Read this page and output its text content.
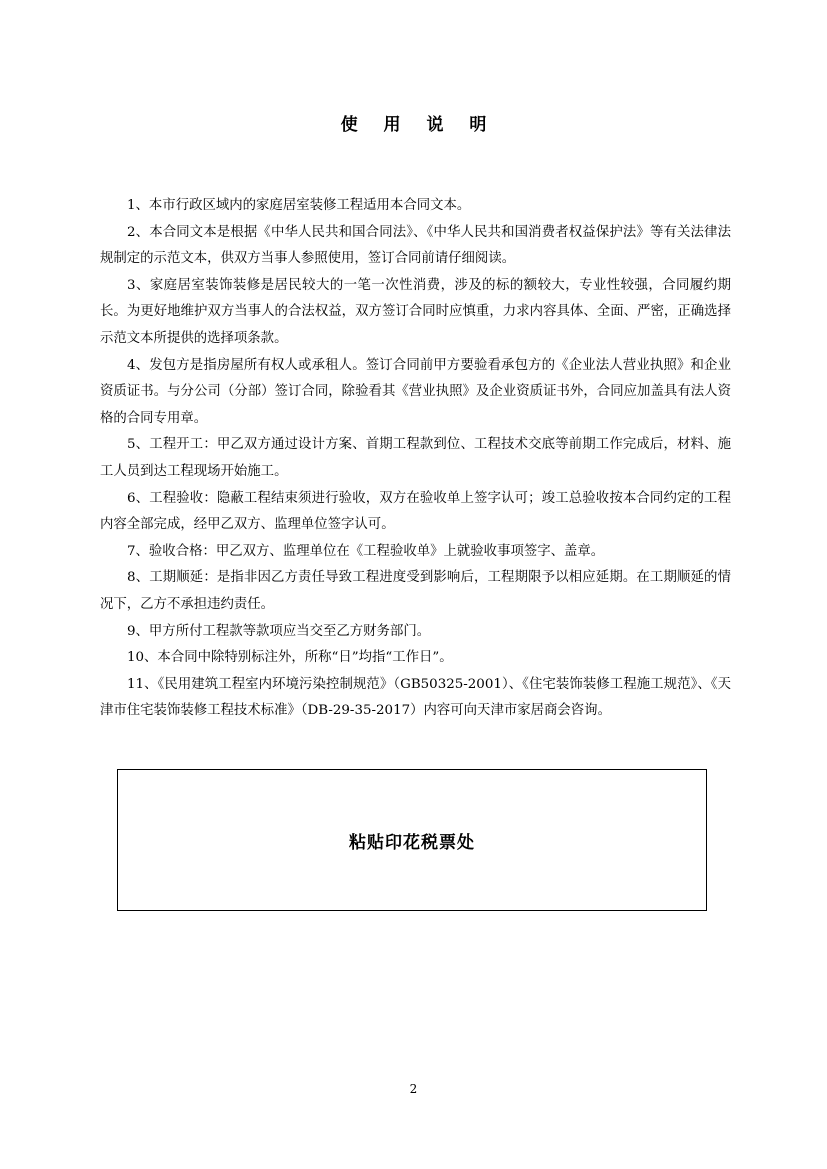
使 用 说 明

1、本市行政区域内的家庭居室装修工程适用本合同文本。

2、本合同文本是根据《中华人民共和国合同法》、《中华人民共和国消费者权益保护法》等有关法律法规制定的示范文本，供双方当事人参照使用，签订合同前请仔细阅读。

3、家庭居室装饰装修是居民较大的一笔一次性消费，涉及的标的额较大，专业性较强，合同履约期长。为更好地维护双方当事人的合法权益，双方签订合同时应慎重，力求内容具体、全面、严密，正确选择示范文本所提供的选择项条款。

4、发包方是指房屋所有权人或承租人。签订合同前甲方要验看承包方的《企业法人营业执照》和企业资质证书。与分公司（分部）签订合同，除验看其《营业执照》及企业资质证书外，合同应加盖具有法人资格的合同专用章。

5、工程开工：甲乙双方通过设计方案、首期工程款到位、工程技术交底等前期工作完成后，材料、施工人员到达工程现场开始施工。

6、工程验收：隐蔽工程结束须进行验收，双方在验收单上签字认可；竣工总验收按本合同约定的工程内容全部完成，经甲乙双方、监理单位签字认可。

7、验收合格：甲乙双方、监理单位在《工程验收单》上就验收事项签字、盖章。

8、工期顺延：是指非因乙方责任导致工程进度受到影响后，工程期限予以相应延期。在工期顺延的情况下，乙方不承担违约责任。

9、甲方所付工程款等款项应当交至乙方财务部门。

10、本合同中除特别标注外，所称“日”均指“工作日”。

11、《民用建筑工程室内环境污染控制规范》（GB50325-2001）、《住宅装饰装修工程施工规范》、《天津市住宅装饰装修工程技术标准》（DB-29-35-2017）内容可向天津市家居商会咨询。

粘贴印花税票处
2
